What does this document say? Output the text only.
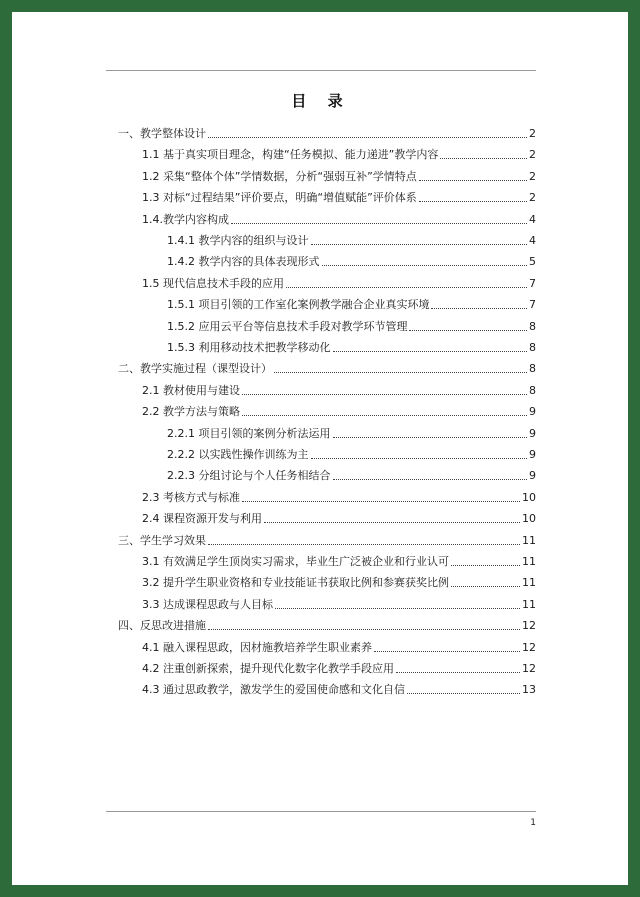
目 录
一、教学整体设计	2
1.1 基于真实项目理念，构建“任务模拟、能力递进”教学内容	2
1.2 采集“整体个体”学情数据，分析“强弱互补”学情特点	2
1.3 对标“过程结果”评价要点，明确“增值赋能”评价体系	2
1.4.教学内容构成	4
1.4.1 教学内容的组织与设计	4
1.4.2 教学内容的具体表现形式	5
1.5 现代信息技术手段的应用	7
1.5.1 项目引领的工作室化案例教学融合企业真实环境	7
1.5.2 应用云平台等信息技术手段对教学环节管理	8
1.5.3 利用移动技术把教学移动化	8
二、教学实施过程（课型设计）	8
2.1 教材使用与建设	8
2.2 教学方法与策略	9
2.2.1 项目引领的案例分析法运用	9
2.2.2 以实践性操作训练为主	9
2.2.3 分组讨论与个人任务相结合	9
2.3 考核方式与标准	10
2.4 课程资源开发与利用	10
三、学生学习效果	11
3.1 有效满足学生顶岗实习需求，毕业生广泛被企业和行业认可	11
3.2 提升学生职业资格和专业技能证书获取比例和参赛获奖比例	11
3.3 达成课程思政与人目标	11
四、反思改进措施	12
4.1 融入课程思政，因材施教培养学生职业素养	12
4.2 注重创新探索，提升现代化数字化教学手段应用	12
4.3 通过思政教学，激发学生的爱国使命感和文化自信	13
1
